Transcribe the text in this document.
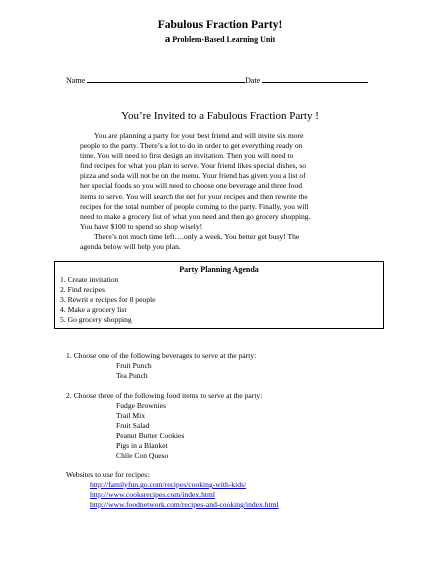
Fabulous Fraction Party!
a Problem-Based Learning Unit
Name	Date
You’re Invited to a Fabulous Fraction Party !
You are planning a party for your best friend and will invite six more
people to the party. There’s a lot to do in order to get everything ready on
time. You will need to first design an invitation. Then you will need to
find recipes for what you plan to serve. Your friend likes special dishes, so
pizza and soda will not be on the menu. Your friend has given you a list of
her special foods so you will need to choose one beverage and three food
items to serve. You will search the net for your recipes and then rewrite the
recipes for the total number of people coming to the party. Finally, you will
need to make a grocery list of what you need and then go grocery shopping.
You have $100 to spend so shop wisely!
There’s not much time left….only a week. You better get busy! The
agenda below will help you plan.
Party Planning Agenda
1. Create invitation
2. Find recipes
3. Rewrit e recipes for 8 people
4. Make a grocery list
5. Go grocery shopping
1. Choose one of the following beverages to serve at the party:
Fruit Punch
Tea Punch
2. Choose three of the following food items to serve at the party:
Fudge Brownies
Trail Mix
Fruit Salad
Peanut Butter Cookies
Pigs in a Blanket
Chile Con Queso
Websites to use for recipes:
http://familyfun.go.com/recipes/cooking-with-kids/
http://www.cooksrecipes.com/index.html
http://www.foodnetwork.com/recipes-and-cooking/index.html
